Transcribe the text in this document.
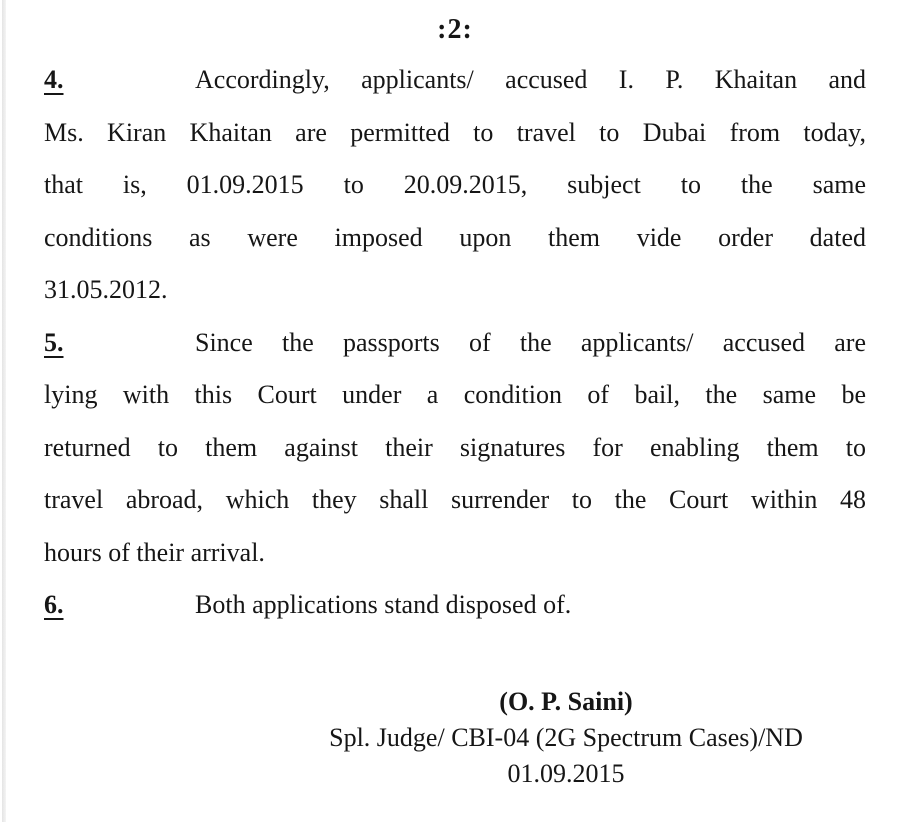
:2:
4.	Accordingly, applicants/ accused I. P. Khaitan and
Ms. Kiran Khaitan are permitted to travel to Dubai from today,
that is, 01.09.2015 to 20.09.2015, subject to the same
conditions as were imposed upon them vide order dated
31.05.2012.
5.	Since the passports of the applicants/ accused are
lying with this Court under a condition of bail, the same be
returned to them against their signatures for enabling them to
travel abroad, which they shall surrender to the Court within 48
hours of their arrival.
6.	Both applications stand disposed of.
(O. P. Saini)
Spl. Judge/ CBI-04 (2G Spectrum Cases)/ND
01.09.2015
